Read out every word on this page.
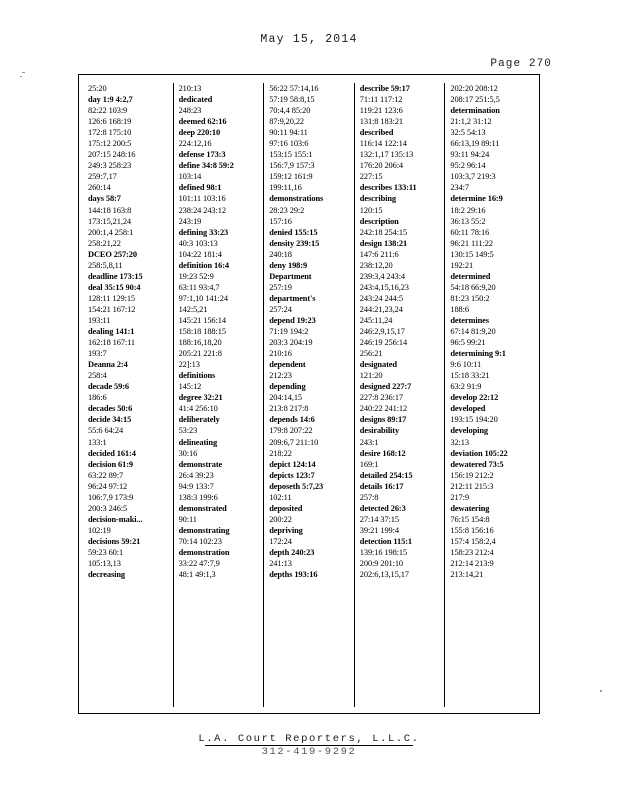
May 15, 2014
Page 270
25:20
day 1:9 4:2,7
82:22 103:9
126:6 168:19
172:8 175:10
175:12 200:5
207:15 248:16
249:3 258:23
259:7,17
260:14
days 58:7
144:18 163:8
173:15,21,24
200:1,4 258:1
258:21,22
DCEO 257:20
258:5,8,11
deadline 173:15
deal 35:15 90:4
128:11 129:15
154:21 167:12
193:11
dealing 141:1
162:18 167:11
193:7
Deanna 2:4
258:4
decade 59:6
186:6
decades 50:6
decide 34:15
55:6 64:24
133:1
decided 161:4
decision 61:9
63:22 89:7
96:24 97:12
106:7,9 173:9
200:3 246:5
decision-maki...
102:19
decisions 59:21
59:23 60:1
105:13,13
decreasing
210:13
dedicated
248:23
deemed 62:16
deep 220:10
224:12,16
defense 173:3
define 34:8 59:2
103:14
defined 98:1
101:11 103:16
238:24 243:12
243:19
defining 33:23
40:3 103:13
104:22 181:4
definition 16:4
19:23 52:9
63:11 93:4,7
97:1,10 141:24
142:5,21
145:21 156:14
158:18 188:15
188:16,18,20
205:21 221:8
22]:13
definitions
145:12
degree 32:21
41:4 256:10
deliberately
53:23
delineating
30:16
demonstrate
26:4 39:23
94:9 133:7
138:3 199:6
demonstrated
90:11
demonstrating
70:14 102:23
demonstration
33:22 47:7,9
48:1 49:1,3
56:22 57:14,16
57:19 58:8,15
70:4,4 85:20
87:9,20,22
90:11 94:11
97:16 103:6
153:15 155:1
156:7,9 157:3
159:12 161:9
199:11,16
demonstrations
28:23 29:2
157:16
denied 155:15
density 239:15
240:18
deny 198:9
Department
257:19
department's
257:24
depend 19:23
71:19 194:2
203:3 204:19
210:16
dependent
212:23
depending
204:14,15
213:8 217:8
depends 14:6
179:8 207:22
209:6,7 211:10
218:22
depict 124:14
depicts 123:7
deposeth 5:7,23
102:11
deposited
200:22
depriving
172:24
depth 240:23
241:13
depths 193:16
describe 59:17
71:11 117:12
119:21 123:6
131:8 183:21
described
116:14 122:14
132:1,17 135:13
176:20 206:4
227:15
describes 133:11
describing
120:15
description
242:18 254:15
design 138:21
147:6 211:6
238:12,20
239:3,4 243:4
243:4,15,16,23
243:24 244:5
244:21,23,24
245:11,24
246:2,9,15,17
246:19 256:14
256:21
designated
121:20
designed 227:7
227:8 236:17
240:22 241:12
designs 89:17
desirability
243:1
desire 168:12
169:1
detailed 254:15
details 16:17
257:8
detected 26:3
27:14 37:15
39:21 199:4
detection 115:1
139:16 198:15
200:9 201:10
202:6,13,15,17
202:20 208:12
208:17 251:5,5
determination
21:1,2 31:12
32:5 54:13
66:13,19 89:11
93:11 94:24
95:2 96:14
103:3,7 219:3
234:7
determine 16:9
18:2 29:16
36:13 55:2
60:11 78:16
96:21 111:22
130:15 149:5
192:21
determined
54:18 66:9,20
81:23 150:2
188:6
determines
67:14 81:9,20
96:5 99:21
determining 9:1
9:6 10:11
15:18 33:21
63:2 91:9
develop 22:12
developed
193:15 194:20
developing
32:13
deviation 105:22
dewatered 73:5
156:19 212:2
212:11 215:3
217:9
dewatering
76:15 154:8
155:8 156:16
157:4 158:2,4
158:23 212:4
212:14 213:9
213:14,21
L.A. Court Reporters, L.L.C.
312-419-9292
